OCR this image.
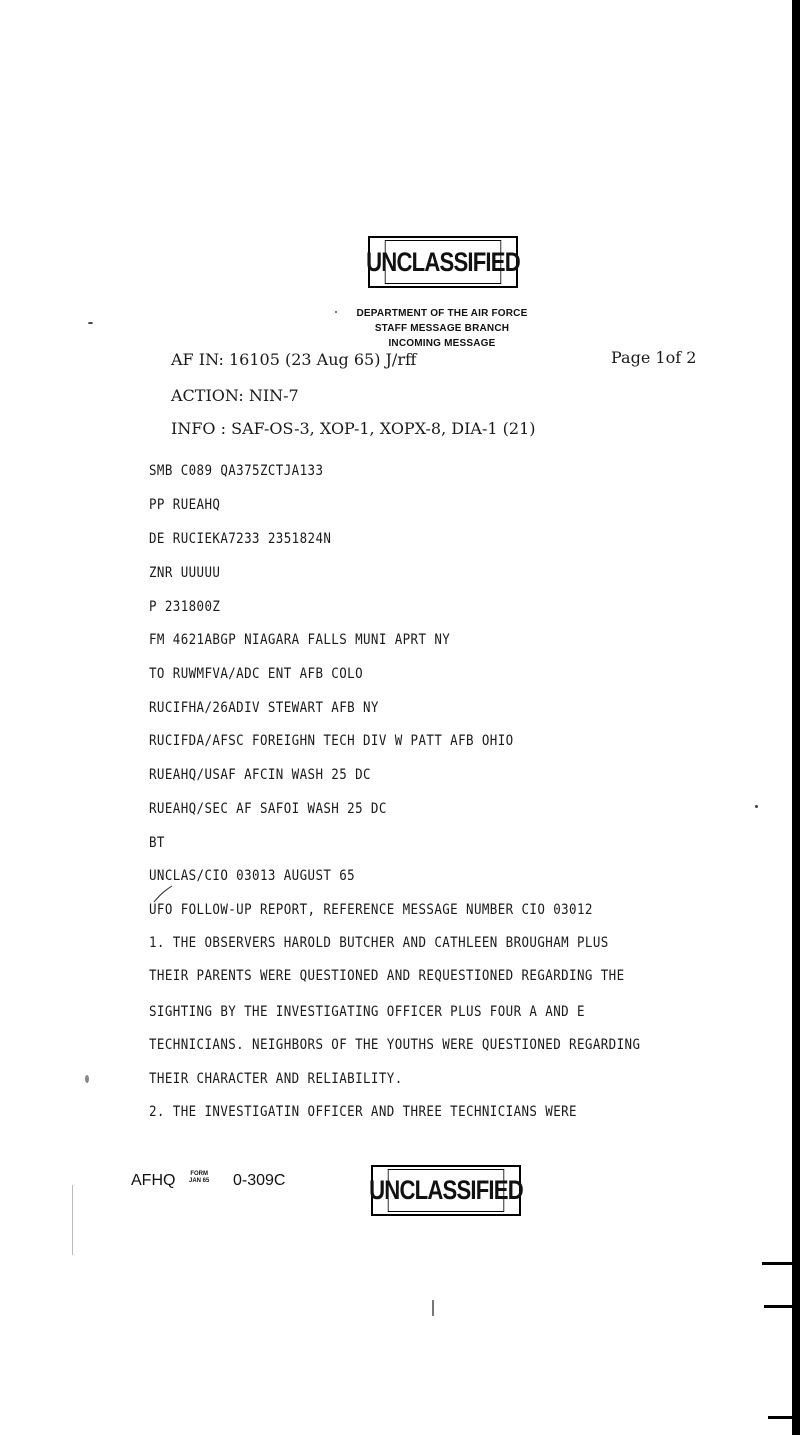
UNCLASSIFIED
DEPARTMENT OF THE AIR FORCE
STAFF MESSAGE BRANCH
INCOMING MESSAGE
AF IN: 16105 (23 Aug 65) J/rff	Page 1of 2
ACTION: NIN-7
INFO : SAF-OS-3, XOP-1, XOPX-8, DIA-1 (21)
SMB C089 QA375ZCTJA133
PP RUEAHQ
DE RUCIEKA7233 2351824N
ZNR UUUUU
P 231800Z
FM 4621ABGP NIAGARA FALLS MUNI APRT NY
TO RUWMFVA/ADC ENT AFB COLO
RUCIFHA/26ADIV STEWART AFB NY
RUCIFDA/AFSC FOREIGHN TECH DIV W PATT AFB OHIO
RUEAHQ/USAF AFCIN WASH 25 DC
RUEAHQ/SEC AF SAFOI WASH 25 DC
BT
UNCLAS/CIO 03013 AUGUST 65
UFO FOLLOW-UP REPORT, REFERENCE MESSAGE NUMBER CIO 03012
1. THE OBSERVERS HAROLD BUTCHER AND CATHLEEN BROUGHAM PLUS
THEIR PARENTS WERE QUESTIONED AND REQUESTIONED REGARDING THE
SIGHTING BY THE INVESTIGATING OFFICER PLUS FOUR A AND E
TECHNICIANS. NEIGHBORS OF THE YOUTHS WERE QUESTIONED REGARDING
THEIR CHARACTER AND RELIABILITY.
2. THE INVESTIGATIN OFFICER AND THREE TECHNICIANS WERE
AFHQ FORM
JAN 65 0-309C	UNCLASSIFIED
